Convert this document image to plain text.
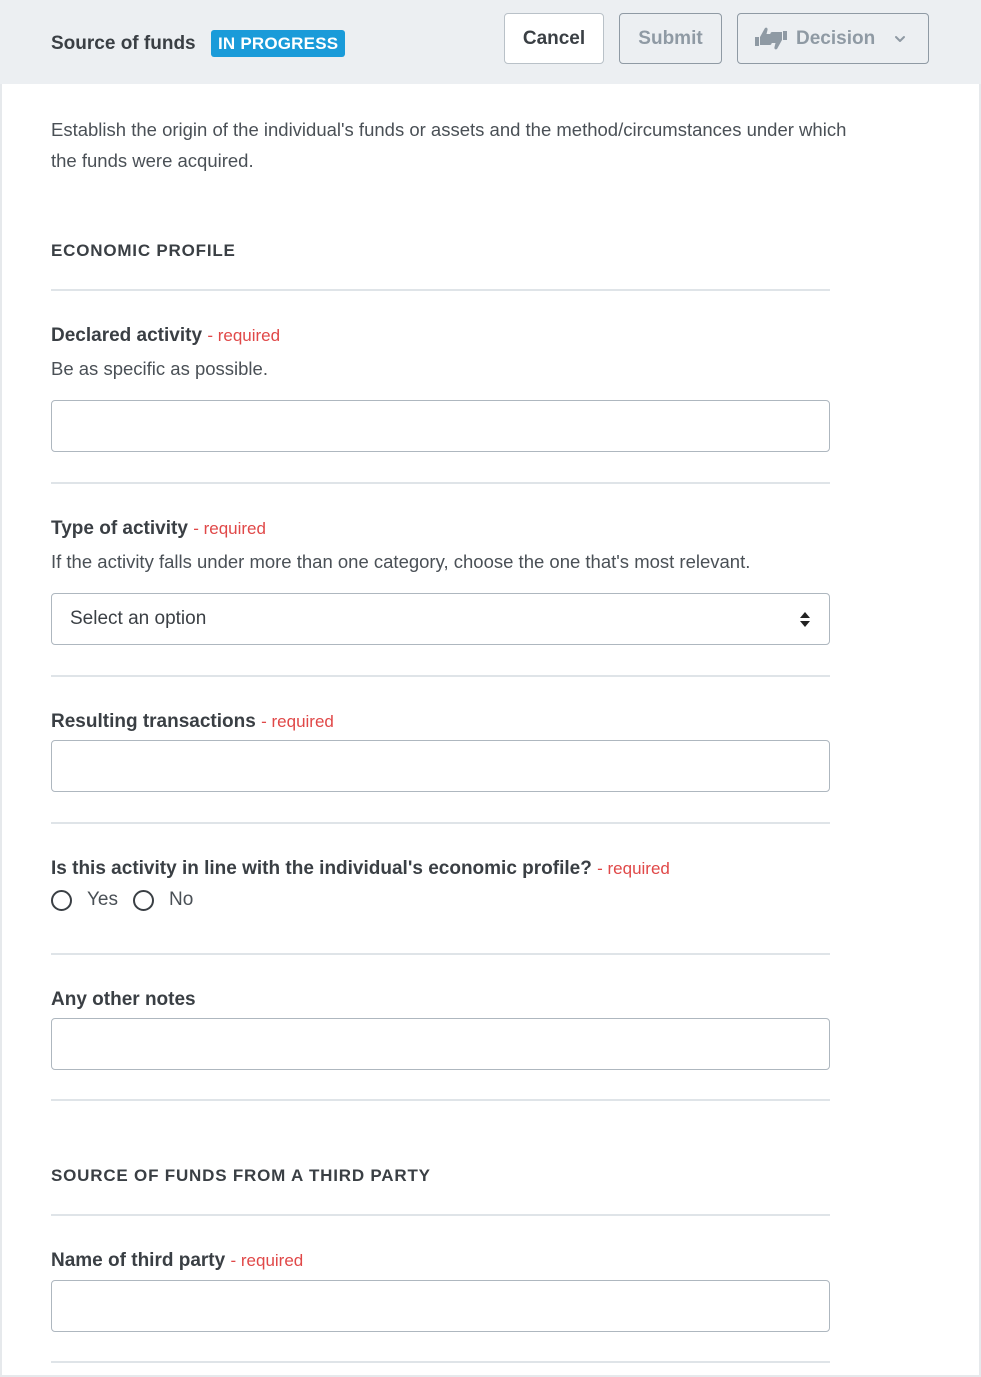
Source of funds	IN PROGRESS	Cancel	Submit	Decision

Establish the origin of the individual's funds or assets and the method/circumstances under which the funds were acquired.

ECONOMIC PROFILE
Declared activity - required
Be as specific as possible.
Type of activity - required
If the activity falls under more than one category, choose the one that's most relevant.
Select an option
Resulting transactions - required
Is this activity in line with the individual's economic profile? - required
Yes	No
Any other notes
SOURCE OF FUNDS FROM A THIRD PARTY
Name of third party - required
